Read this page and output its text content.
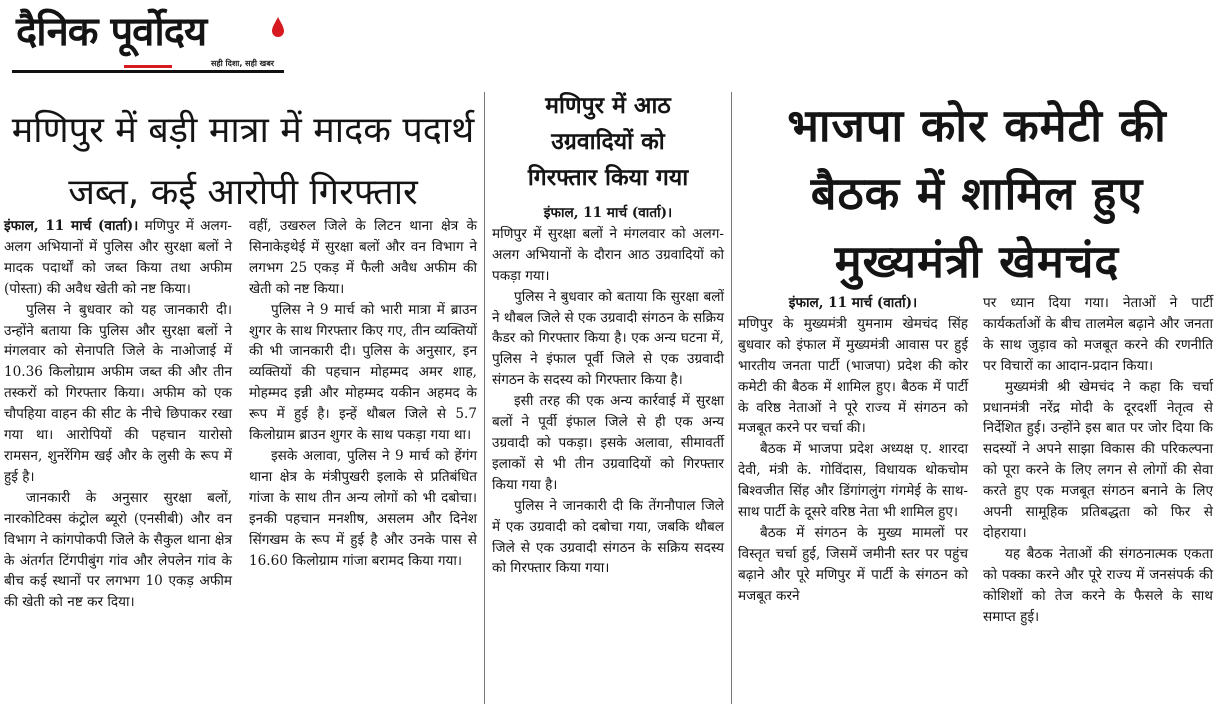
दैनिक पूर्वोदय
सही दिशा, सही खबर
मणिपुर में बड़ी मात्रा में मादक पदार्थ
जब्त, कई आरोपी गिरफ्तार

इंफाल, 11 मार्च (वार्ता)। मणिपुर में अलग-अलग अभियानों में पुलिस और सुरक्षा बलों ने मादक पदार्थों को जब्त किया तथा अफीम (पोस्ता) की अवैध खेती को नष्ट किया।

पुलिस ने बुधवार को यह जानकारी दी। उन्होंने बताया कि पुलिस और सुरक्षा बलों ने मंगलवार को सेनापति जिले के नाओजाई में 10.36 किलोग्राम अफीम जब्त की और तीन तस्करों को गिरफ्तार किया। अफीम को एक चौपहिया वाहन की सीट के नीचे छिपाकर रखा गया था। आरोपियों की पहचान यारोसो रामसन, शुनरेंगिम खई और के लुसी के रूप में हुई है।

जानकारी के अनुसार सुरक्षा बलों, नारकोटिक्स कंट्रोल ब्यूरो (एनसीबी) और वन विभाग ने कांगपोकपी जिले के सैकुल थाना क्षेत्र के अंतर्गत टिंगपीबुंग गांव और लेपलेन गांव के बीच कई स्थानों पर लगभग 10 एकड़ अफीम की खेती को नष्ट कर दिया।

वहीं, उखरुल जिले के लिटन थाना क्षेत्र के सिनाकेइथेई में सुरक्षा बलों और वन विभाग ने लगभग 25 एकड़ में फैली अवैध अफीम की खेती को नष्ट किया।

पुलिस ने 9 मार्च को भारी मात्रा में ब्राउन शुगर के साथ गिरफ्तार किए गए, तीन व्यक्तियों की भी जानकारी दी। पुलिस के अनुसार, इन व्यक्तियों की पहचान मोहम्मद अमर शाह, मोहम्मद इन्नी और मोहम्मद यकीन अहमद के रूप में हुई है। इन्हें थौबल जिले से 5.7 किलोग्राम ब्राउन शुगर के साथ पकड़ा गया था।

इसके अलावा, पुलिस ने 9 मार्च को हेंगंग थाना क्षेत्र के मंत्रीपुखरी इलाके से प्रतिबंधित गांजा के साथ तीन अन्य लोगों को भी दबोचा। इनकी पहचान मनशीष, असलम और दिनेश सिंगखम के रूप में हुई है और उनके पास से 16.60 किलोग्राम गांजा बरामद किया गया।

मणिपुर में आठ
उग्रवादियों को
गिरफ्तार किया गया

इंफाल, 11 मार्च (वार्ता)।

मणिपुर में सुरक्षा बलों ने मंगलवार को अलग-अलग अभियानों के दौरान आठ उग्रवादियों को पकड़ा गया।

पुलिस ने बुधवार को बताया कि सुरक्षा बलों ने थौबल जिले से एक उग्रवादी संगठन के सक्रिय कैडर को गिरफ्तार किया है। एक अन्य घटना में, पुलिस ने इंफाल पूर्वी जिले से एक उग्रवादी संगठन के सदस्य को गिरफ्तार किया है।

इसी तरह की एक अन्य कार्रवाई में सुरक्षा बलों ने पूर्वी इंफाल जिले से ही एक अन्य उग्रवादी को पकड़ा। इसके अलावा, सीमावर्ती इलाकों से भी तीन उग्रवादियों को गिरफ्तार किया गया है।

पुलिस ने जानकारी दी कि तेंगनौपाल जिले में एक उग्रवादी को दबोचा गया, जबकि थौबल जिले से एक उग्रवादी संगठन के सक्रिय सदस्य को गिरफ्तार किया गया।

भाजपा कोर कमेटी की
बैठक में शामिल हुए
मुख्यमंत्री खेमचंद

इंफाल, 11 मार्च (वार्ता)।

मणिपुर के मुख्यमंत्री युमनाम खेमचंद सिंह बुधवार को इंफाल में मुख्यमंत्री आवास पर हुई भारतीय जनता पार्टी (भाजपा) प्रदेश की कोर कमेटी की बैठक में शामिल हुए। बैठक में पार्टी के वरिष्ठ नेताओं ने पूरे राज्य में संगठन को मजबूत करने पर चर्चा की।

बैठक में भाजपा प्रदेश अध्यक्ष ए. शारदा देवी, मंत्री के. गोविंदास, विधायक थोकचोम बिश्वजीत सिंह और डिंगांगलुंग गंगमेई के साथ-साथ पार्टी के दूसरे वरिष्ठ नेता भी शामिल हुए।

बैठक में संगठन के मुख्य मामलों पर विस्तृत चर्चा हुई, जिसमें जमीनी स्तर पर पहुंच बढ़ाने और पूरे मणिपुर में पार्टी के संगठन को मजबूत करने

पर ध्यान दिया गया। नेताओं ने पार्टी कार्यकर्ताओं के बीच तालमेल बढ़ाने और जनता के साथ जुड़ाव को मजबूत करने की रणनीति पर विचारों का आदान-प्रदान किया।

मुख्यमंत्री श्री खेमचंद ने कहा कि चर्चा प्रधानमंत्री नरेंद्र मोदी के दूरदर्शी नेतृत्व से निर्देशित हुई। उन्होंने इस बात पर जोर दिया कि सदस्यों ने अपने साझा विकास की परिकल्पना को पूरा करने के लिए लगन से लोगों की सेवा करते हुए एक मजबूत संगठन बनाने के लिए अपनी सामूहिक प्रतिबद्धता को फिर से दोहराया।

यह बैठक नेताओं की संगठनात्मक एकता को पक्का करने और पूरे राज्य में जनसंपर्क की कोशिशों को तेज करने के फैसले के साथ समाप्त हुई।
